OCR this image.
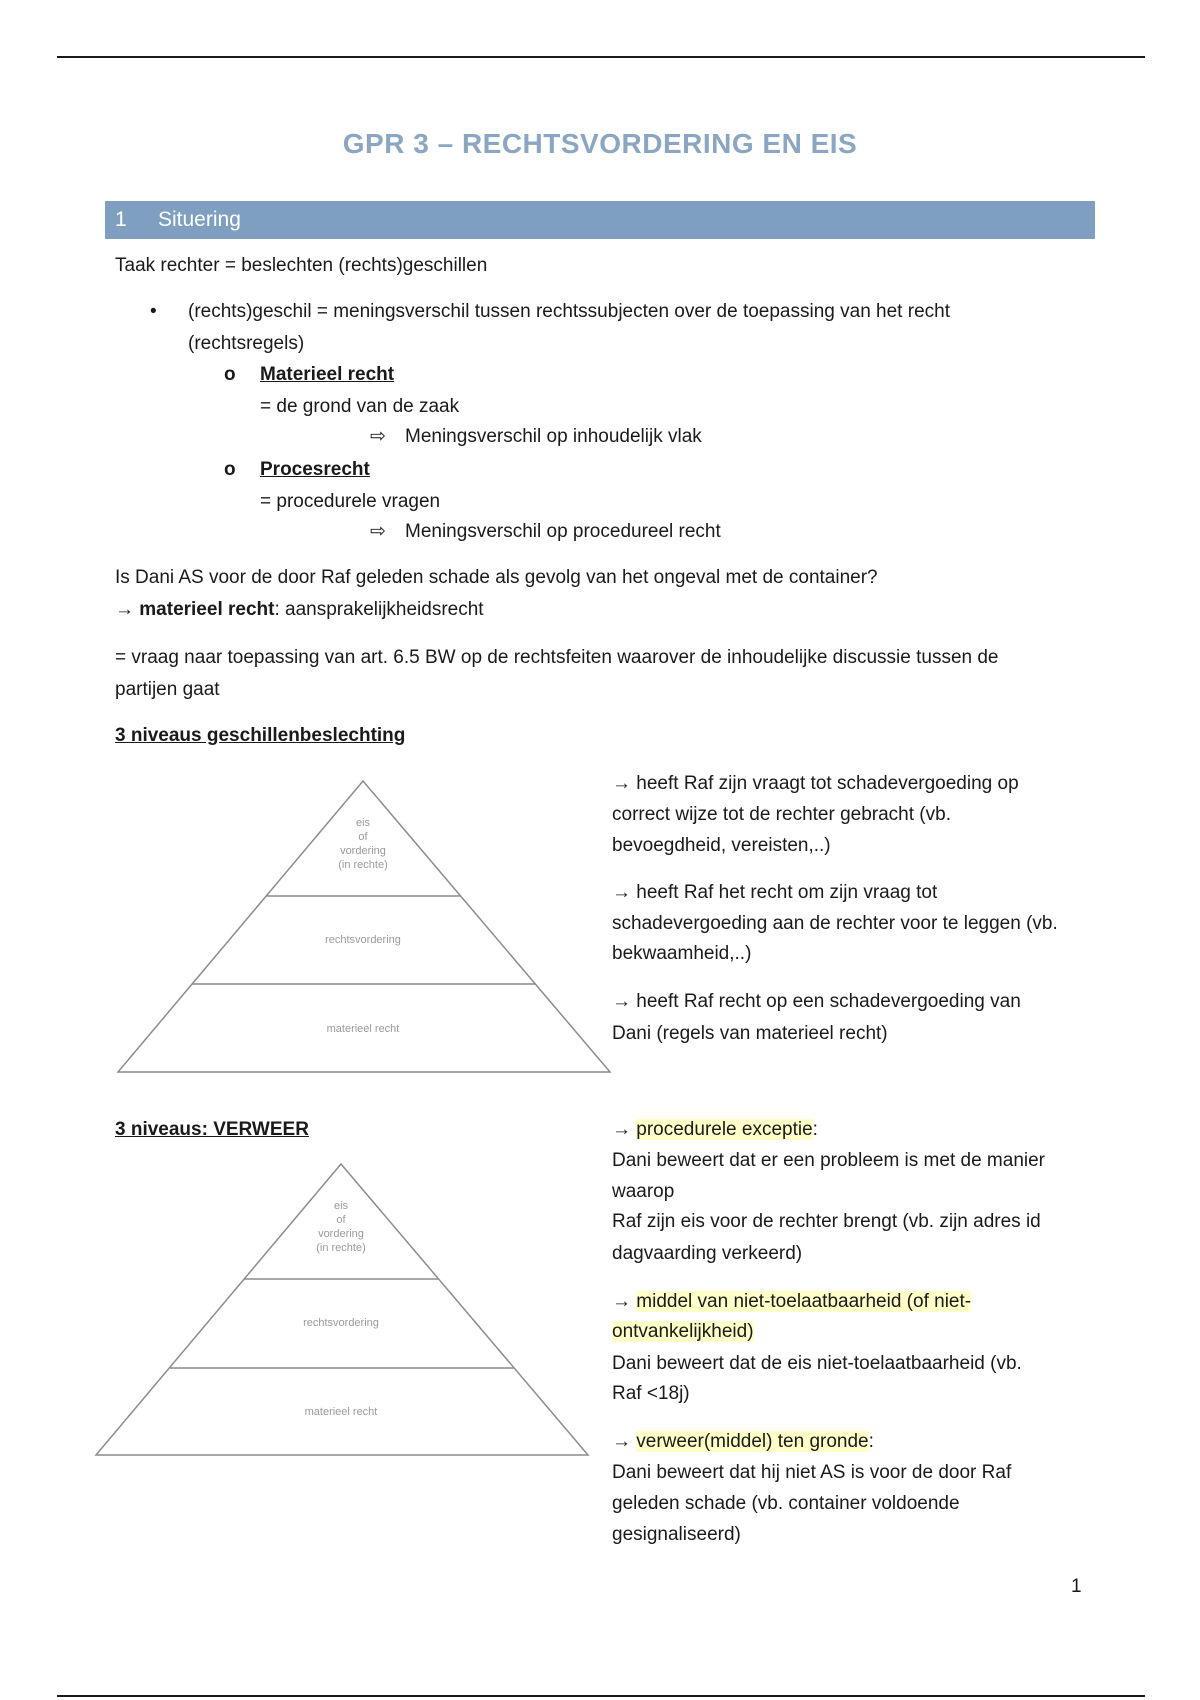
GPR 3 – RECHTSVORDERING EN EIS
1 Situering
Taak rechter = beslechten (rechts)geschillen
• (rechts)geschil = meningsverschil tussen rechtssubjecten over de toepassing van het recht
(rechtsregels)
o Materieel recht
= de grond van de zaak
⇨ Meningsverschil op inhoudelijk vlak
o Procesrecht
= procedurele vragen
⇨ Meningsverschil op procedureel recht
Is Dani AS voor de door Raf geleden schade als gevolg van het ongeval met de container?
→ materieel recht: aansprakelijkheidsrecht
= vraag naar toepassing van art. 6.5 BW op de rechtsfeiten waarover de inhoudelijke discussie tussen de
partijen gaat
3 niveaus geschillenbeslechting
eis
of
vordering
(in rechte)
rechtsvordering
materieel recht
→ heeft Raf zijn vraagt tot schadevergoeding op
correct wijze tot de rechter gebracht (vb.
bevoegdheid, vereisten,..)
→ heeft Raf het recht om zijn vraag tot
schadevergoeding aan de rechter voor te leggen (vb.
bekwaamheid,..)
→ heeft Raf recht op een schadevergoeding van
Dani (regels van materieel recht)
3 niveaus: VERWEER
eis
of
vordering
(in rechte)
rechtsvordering
materieel recht
→ procedurele exceptie:
Dani beweert dat er een probleem is met de manier
waarop
Raf zijn eis voor de rechter brengt (vb. zijn adres id
dagvaarding verkeerd)
→ middel van niet-toelaatbaarheid (of niet-
ontvankelijkheid)
Dani beweert dat de eis niet-toelaatbaarheid (vb.
Raf <18j)
→ verweer(middel) ten gronde:
Dani beweert dat hij niet AS is voor de door Raf
geleden schade (vb. container voldoende
gesignaliseerd)
1
